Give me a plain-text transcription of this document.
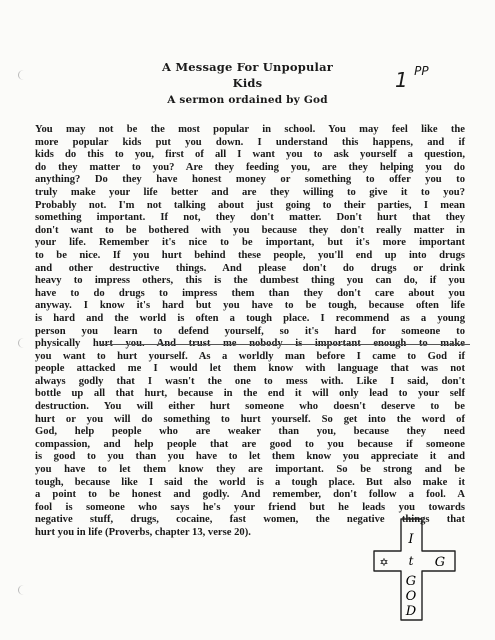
A Message For Unpopular
Kids
A sermon ordained by God
1 $^{PP}$
You may not be the most popular in school. You may feel like the
more popular kids put you down. I understand this happens, and if
kids do this to you, first of all I want you to ask yourself a question,
do they matter to you? Are they feeding you, are they helping you do
anything? Do they have honest money or something to offer you to
truly make your life better and are they willing to give it to you?
Probably not. I'm not talking about just going to their parties, I mean
something important. If not, they don't matter. Don't hurt that they
don't want to be bothered with you because they don't really matter in
your life. Remember it's nice to be important, but it's more important
to be nice. If you hurt behind these people, you'll end up into drugs
and other destructive things. And please don't do drugs or drink
heavy to impress others, this is the dumbest thing you can do, if you
have to do drugs to impress them than they don't care about you
anyway. I know it's hard but you have to be tough, because often life
is hard and the world is often a tough place. I recommend as a young
person you learn to defend yourself, so it's hard for someone to
physically hurt you. And trust me nobody is important enough to make
you want to hurt yourself. As a worldly man before I came to God if
people attacked me I would let them know with language that was not
always godly that I wasn't the one to mess with. Like I said, don't
bottle up all that hurt, because in the end it will only lead to your self
destruction. You will either hurt someone who doesn't deserve to be
hurt or you will do something to hurt yourself. So get into the word of
God, help people who are weaker than you, because they need
compassion, and help people that are good to you because if someone
is good to you than you have to let them know you appreciate it and
you have to let them know they are important. So be strong and be
tough, because like I said the world is a tough place. But also make it
a point to be honest and godly. And remember, don't follow a fool. A
fool is someone who says he's your friend but he leads you towards
negative stuff, drugs, cocaine, fast women, the negative things that
hurt you in life (Proverbs, chapter 13, verse 20).	I
✡ t G
G
O
D
